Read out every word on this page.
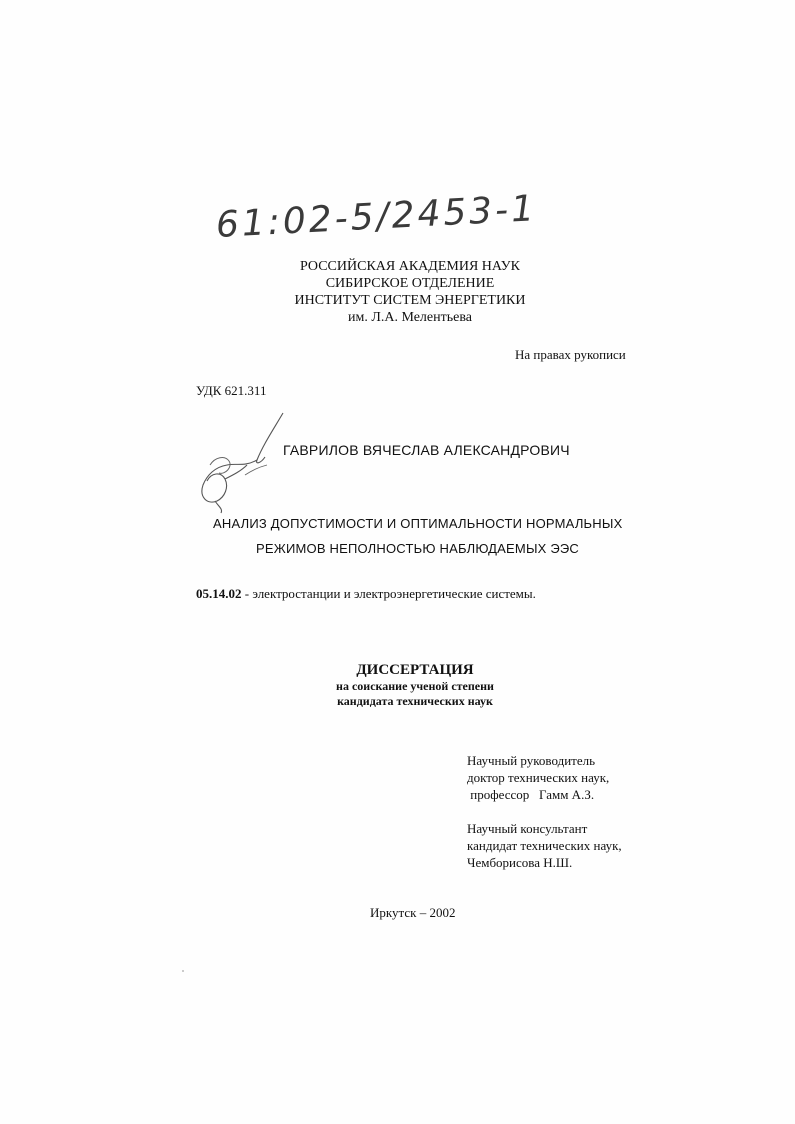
61:02-5/2453-1
РОССИЙСКАЯ АКАДЕМИЯ НАУК
СИБИРСКОЕ ОТДЕЛЕНИЕ
ИНСТИТУТ СИСТЕМ ЭНЕРГЕТИКИ
им. Л.А. Мелентьева
На правах рукописи
УДК 621.311
ГАВРИЛОВ ВЯЧЕСЛАВ АЛЕКСАНДРОВИЧ
АНАЛИЗ ДОПУСТИМОСТИ И ОПТИМАЛЬНОСТИ НОРМАЛЬНЫХ
РЕЖИМОВ НЕПОЛНОСТЬЮ НАБЛЮДАЕМЫХ ЭЭС
05.14.02 - электростанции и электроэнергетические системы.
ДИССЕРТАЦИЯ
на соискание ученой степени
кандидата технических наук
Научный руководитель
доктор технических наук,
профессор   Гамм А.З.
Научный консультант
кандидат технических наук,
Чемборисова Н.Ш.
Иркутск – 2002
